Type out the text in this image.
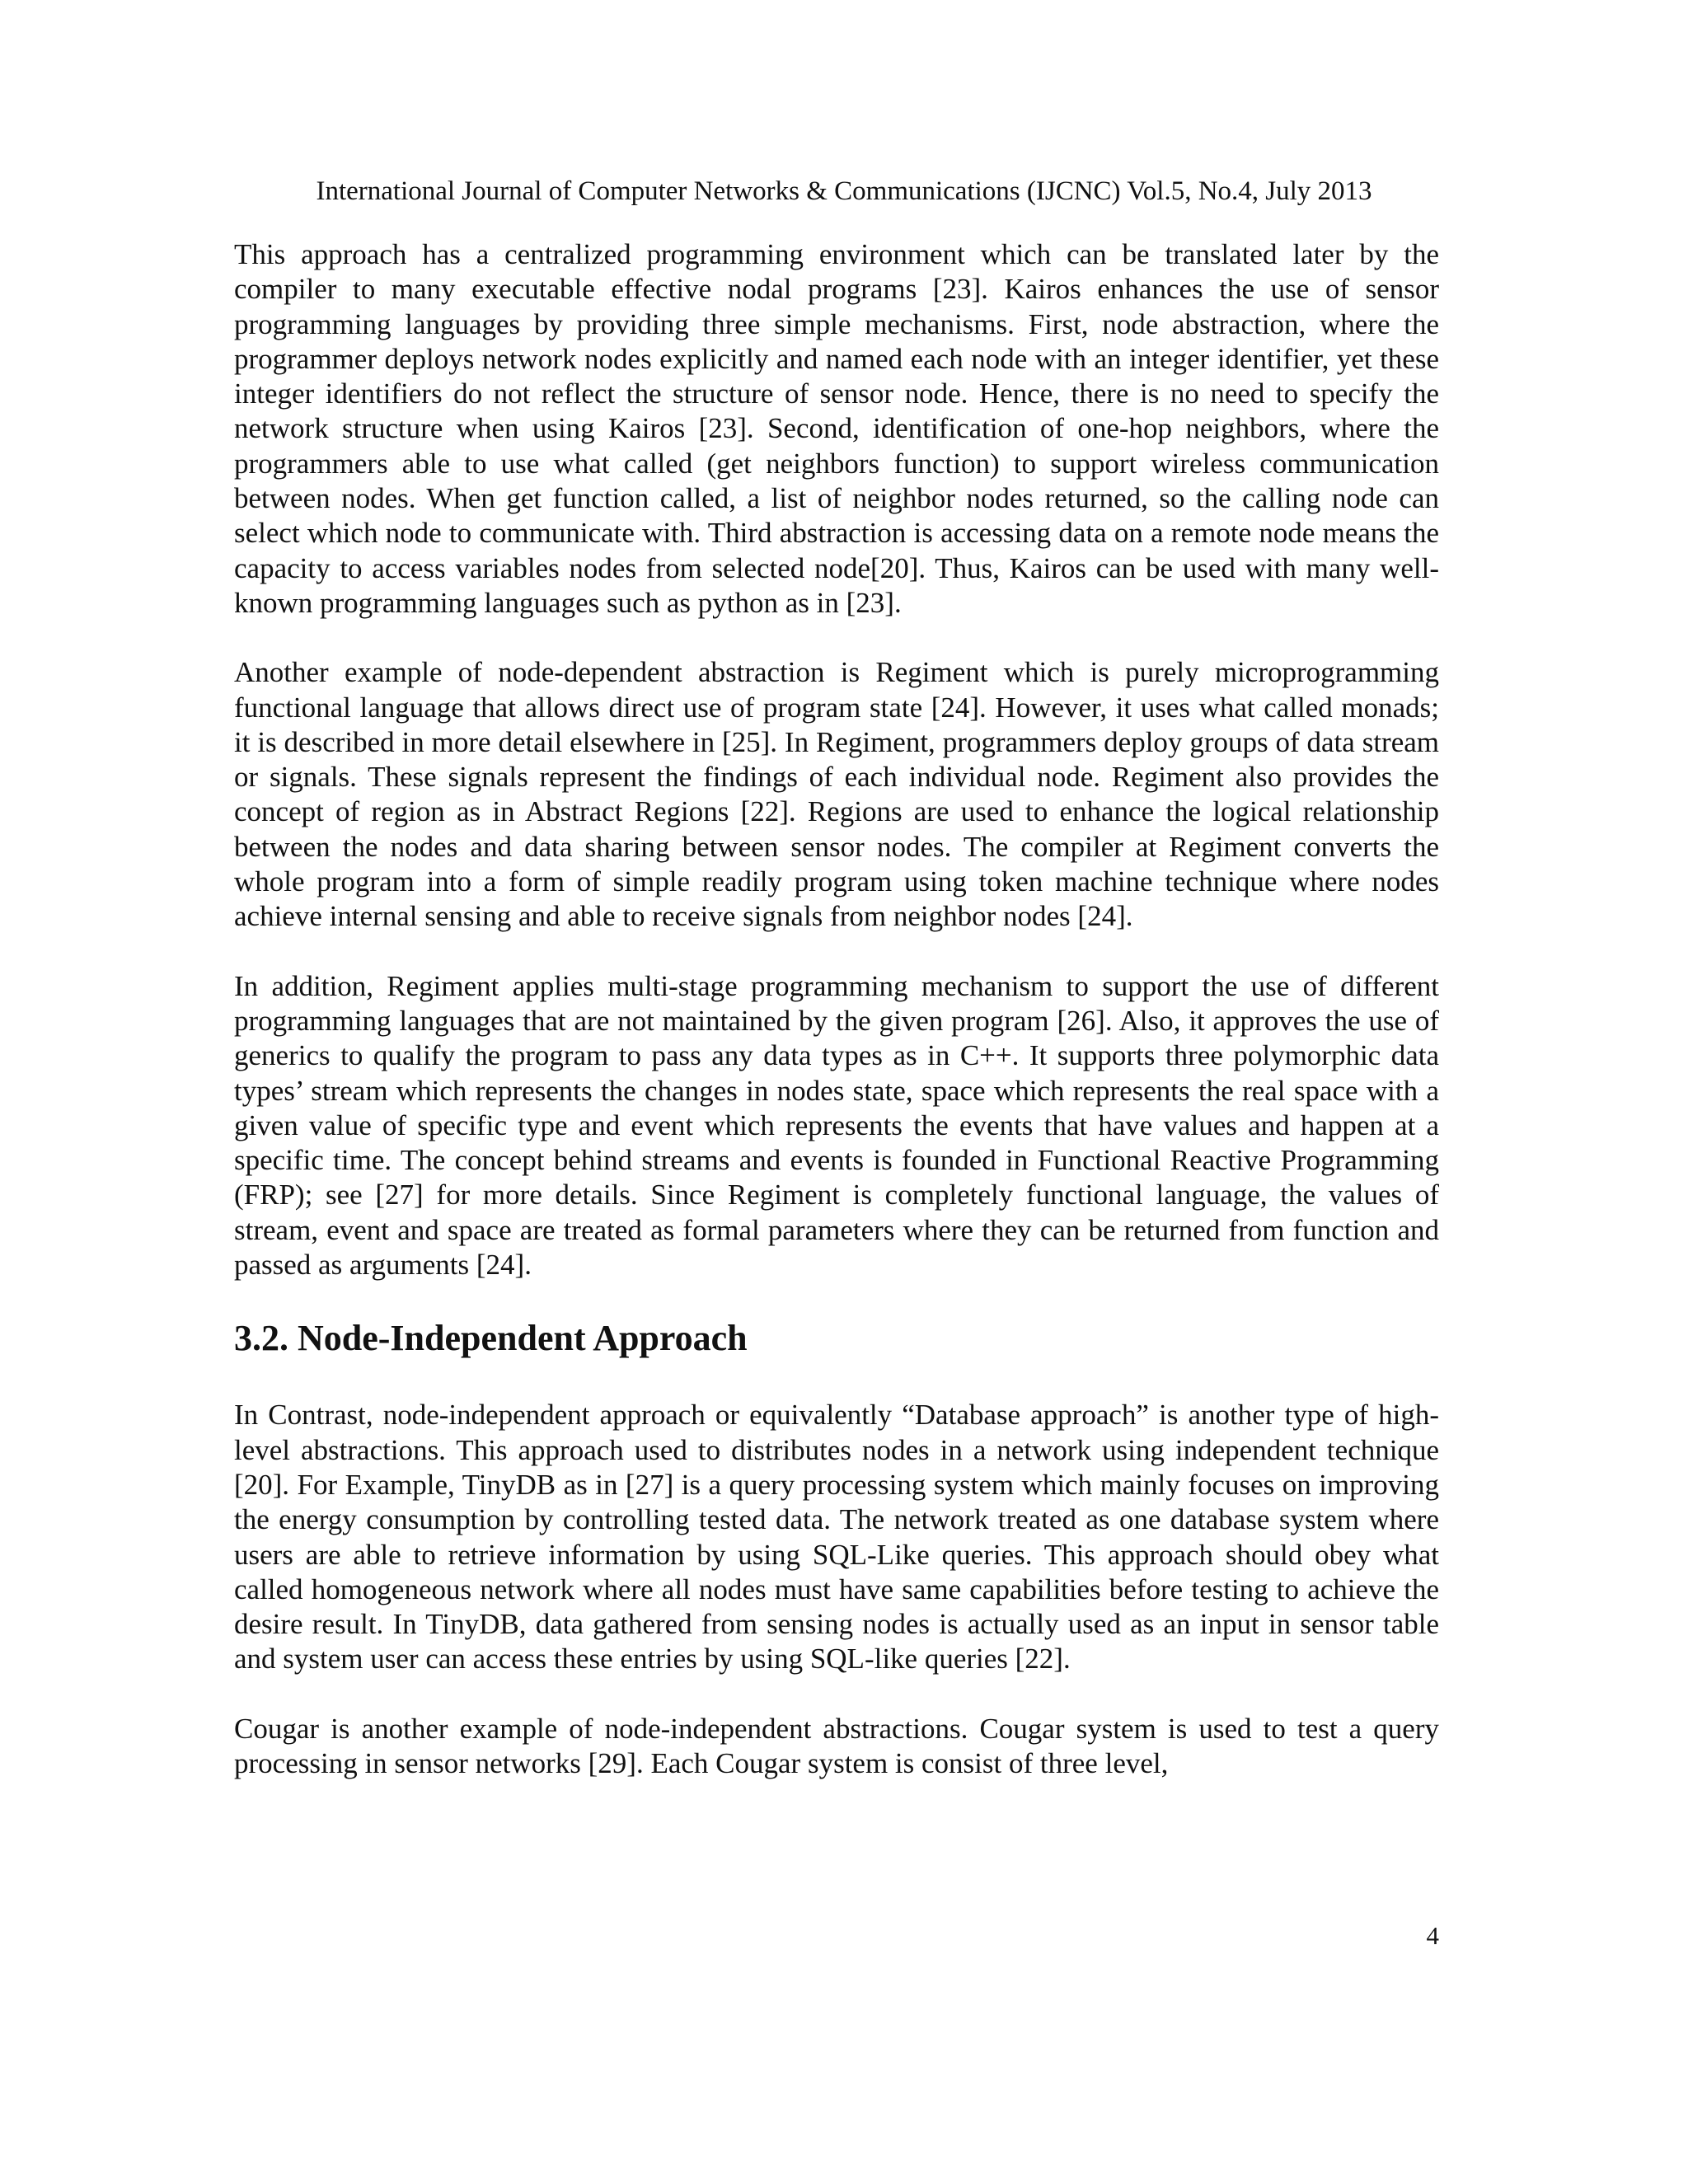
International Journal of Computer Networks & Communications (IJCNC) Vol.5, No.4, July 2013

This approach has a centralized programming environment which can be translated later by the compiler to many executable effective nodal programs [23]. Kairos enhances the use of sensor programming languages by providing three simple mechanisms. First, node abstraction, where the programmer deploys network nodes explicitly and named each node with an integer identifier, yet these integer identifiers do not reflect the structure of sensor node. Hence, there is no need to specify the network structure when using Kairos [23]. Second, identification of one-hop neighbors, where the programmers able to use what called (get neighbors function) to support wireless communication between nodes. When get function called, a list of neighbor nodes returned, so the calling node can select which node to communicate with. Third abstraction is accessing data on a remote node means the capacity to access variables nodes from selected node[20]. Thus, Kairos can be used with many well-known programming languages such as python as in [23].

Another example of node-dependent abstraction is Regiment which is purely microprogramming functional language that allows direct use of program state [24]. However, it uses what called monads; it is described in more detail elsewhere in [25]. In Regiment, programmers deploy groups of data stream or signals. These signals represent the findings of each individual node. Regiment also provides the concept of region as in Abstract Regions [22]. Regions are used to enhance the logical relationship between the nodes and data sharing between sensor nodes. The compiler at Regiment converts the whole program into a form of simple readily program using token machine technique where nodes achieve internal sensing and able to receive signals from neighbor nodes [24].

In addition, Regiment applies multi-stage programming mechanism to support the use of different programming languages that are not maintained by the given program [26]. Also, it approves the use of generics to qualify the program to pass any data types as in C++. It supports three polymorphic data types’ stream which represents the changes in nodes state, space which represents the real space with a given value of specific type and event which represents the events that have values and happen at a specific time. The concept behind streams and events is founded in Functional Reactive Programming (FRP); see [27] for more details. Since Regiment is completely functional language, the values of stream, event and space are treated as formal parameters where they can be returned from function and passed as arguments [24].

3.2. Node-Independent Approach

In Contrast, node-independent approach or equivalently “Database approach” is another type of high-level abstractions. This approach used to distributes nodes in a network using independent technique [20]. For Example, TinyDB as in [27] is a query processing system which mainly focuses on improving the energy consumption by controlling tested data. The network treated as one database system where users are able to retrieve information by using SQL-Like queries. This approach should obey what called homogeneous network where all nodes must have same capabilities before testing to achieve the desire result. In TinyDB, data gathered from sensing nodes is actually used as an input in sensor table and system user can access these entries by using SQL-like queries [22].

Cougar is another example of node-independent abstractions. Cougar system is used to test a query processing in sensor networks [29]. Each Cougar system is consist of three level,

4
